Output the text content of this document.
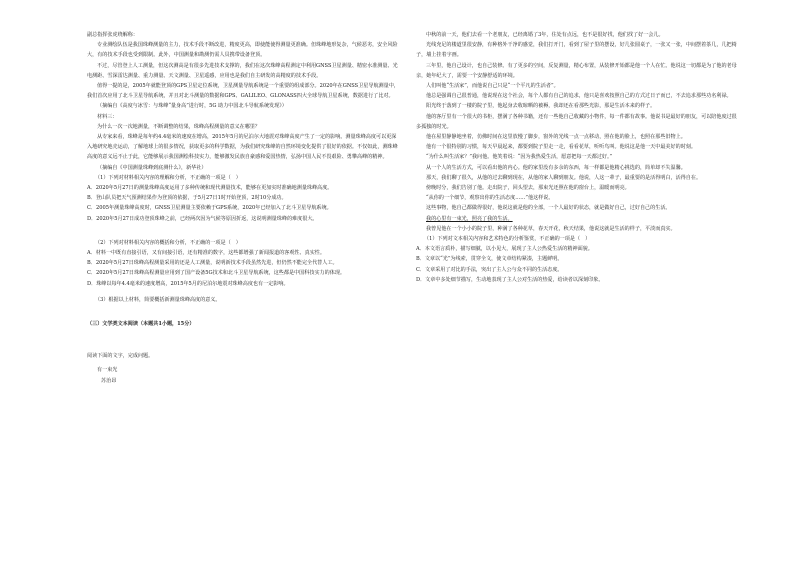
副总指挥张虎绕解称：

专业测绘队伍是我国珠峰测量的主力，技术手段不断改进，精度更高，即使能使得测量更准确。但珠峰地形复杂，气候恶劣，安全风险大，有的技术手段也受到限制。此外，中国测量和勘测仍需人员携带设备登顶。

不过，尽管登上人工测量，但这次测高是有很多先进技术支撑的，我们在这次珠峰高程测定中利用GNSS卫星测量、精密水准测量、光电测距、雪深雷达测量、重力测量、天文测量、卫星遥感，应用也是我们自主研发的高精度的技术手段。

值得一提的是，2005年就能登顶的GPS卫星定位系统，卫星测量导航系统是一个重要的组成部分。2020年在GNSS卫星导航测量中，我们首次应用了北斗卫星导航系统，并且对北斗测量的数据和GPS、GALILEO、GLONASS四大全球导航卫星系统，数据进行了比对。

（摘编自《高度与冰雪：与珠峰“量身高”进行时，5G 助力中国北斗导航系统发现》）

材料三：

为什么一次一次地测量，不断调整的结果，珠峰高程测量的意义在哪里？

从专家来看，珠峰是每年约4.4毫米的速度在增高，2015年5月的尼泊尔大地震对珠峰高度产生了一定的影响。测量珠峰高度可以更深入地研究地壳运动，了解地球上的很多情况，获取更多的科学数据，为我们研究珠峰的自然环境变化提供了很好的依据。不仅如此，测珠峰高度的意义远不止于此，它能够展示我国测绘科技实力，能够激发民族自豪感和爱国热情，弘扬中国人民不畏艰险、勇攀高峰的精神。

（摘编自《中国测量珠峰到底测什么》，新华社）

（1）下列对材料相关内容的理解和分析，不正确的一项是（　）

A．2020年5月27日的测量珠峰高度运用了多种传统和现代测量技术，能够在更加实时准确地测量珠峰高度。

B．登山队员把天气预测结果作为登顶的依据，于5月27日1时开始登顶，2时10分成功。

C．2005年测量珠峰高度时，GNSS卫星测量主要依赖于GPS系统，2020年已经加入了北斗卫星导航系统。

D．2020年5月27日成功登顶珠峰之前，已经两次因为气候等原因折返，这说明测量珠峰的难度很大。

（2）下列对材料相关内容的概括和分析，不正确的一项是（　）

A．材料一中既有直接引语，又有间接引语，还有精准的数字，这些都增强了新闻报道的客观性、真实性。

B．2020年5月27日珠峰高程测量采用的还是人工测量，说明新技术手段虽然先进，但仍然不能完全代替人工。

C．2020年5月27日珠峰高程测量应用到了国产设备5G技术和北斗卫星导航系统，这些都是中国科技实力的体现。

D．珠峰以每年4.4毫米的速度增高，2015年5月的尼泊尔地震对珠峰高度也有一定影响。

（3）根据以上材料，简要概括新测量珠峰高度的意义。

（三）文学类文本阅读（本题共1小题，15分）

阅读下面的文字，完成问题。

有一束光

苏治昂

中秋的前一天，他们去看一个老朋友，已经离婚了3年，住处有点远，也不是很好找，他们找了好一会儿。

光线充足的楼道里很安静，有种格外干净的感觉，我们打开门，看到了屋子里的摆设，好几张圆桌子，一张又一张，中间摆着茶几，几把椅子，墙上挂着字画。

三年里，他自己设计，也自己装修。有了更多的空间，反复测量，精心布置，从装修开始都是他一个人在忙。他说这一切都是为了他的老母亲，她年纪大了，需要一个安静舒适的环境。

人们叫他“生活家”，而他说自己只是“一个平凡的生活者”。

他总是强调自己很普通，他说现在这个社会，每个人都有自己的追求，他只是喜欢按照自己的方式过日子而已，不去追求那些功名利禄。

阳光终于落到了一楼的院子里，他起身去收晾晒的被褥，我却还在看那些光影，那是生活本来的样子。

他的客厅里有一个很大的书柜，摆满了各种书籍，还有一些他自己收藏的小物件，每一件都有故事。他说书是最好的朋友，可以陪他度过很多孤独的时光。

他在屋里静静地坐着，仿佛时间在这里放慢了脚步，窗外的光线一点一点移动，照在他的脸上，也照在那些旧物上。

他有一个很特别的习惯，每天早晨起来，都要到院子里走一走，看看花草，听听鸟叫。他说这是他一天中最美好的时刻。

“为什么叫生活家？”我问他。他笑着说：“因为我热爱生活，愿意把每一天都过好。”

从一个人的生活方式，可以看出他的内心。他的家里没有多余的东西，每一样都是他精心挑选的，简单却不失温馨。

那天，我们聊了很久，从他的过去聊到现在，从他的家人聊到朋友。他说，人这一辈子，最重要的是活得明白，活得自在。

傍晚时分，我们告别了他。走出院子，回头望去，那束光还照在他的窗台上，温暖而明亮。

“从你的一个细节，观察出你的生活态度……”他这样说。

这些事物，他自己都做得很好，他说这就是他的全部，一个人最好的状态，就是做好自己，过好自己的生活。

我的心里有一束光，照亮了我的生活。

我曾见他在一个小小的院子里，种满了各种花草，春天开花，秋天结果，他说这就是生活的样子，平淡而真实。

（1）下列对文本相关内容和艺术特色的分析鉴赏，不正确的一项是（　）

A．本文语言质朴，描写细腻，以小见大，展现了主人公热爱生活的精神面貌。

B．文章以“光”为线索，贯穿全文，使文章结构紧凑，主题鲜明。

C．文章采用了对比的手法，突出了主人公与众不同的生活态度。

D．文章中多处细节描写，生动地表现了主人公对生活的热爱，给读者以深刻印象。
